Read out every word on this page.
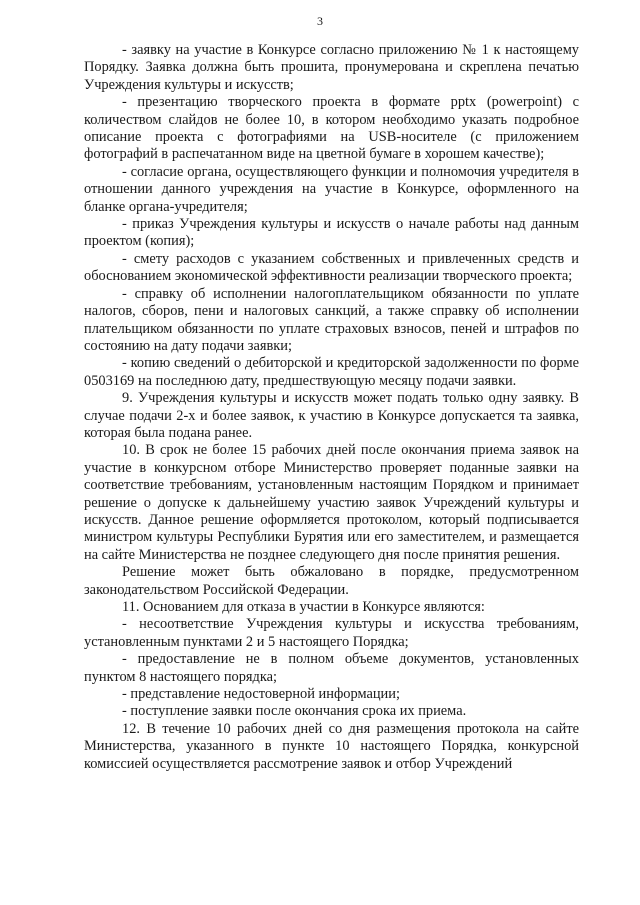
3

- заявку на участие в Конкурсе согласно приложению № 1 к настоящему Порядку. Заявка должна быть прошита, пронумерована и скреплена печатью Учреждения культуры и искусств;

- презентацию творческого проекта в формате pptx (powerpoint) с количеством слайдов не более 10, в котором необходимо указать подробное описание проекта с фотографиями на USB-носителе (с приложением фотографий в распечатанном виде на цветной бумаге в хорошем качестве);

- согласие органа, осуществляющего функции и полномочия учредителя в отношении данного учреждения на участие в Конкурсе, оформленного на бланке органа-учредителя;

- приказ Учреждения культуры и искусств о начале работы над данным проектом (копия);

- смету расходов с указанием собственных и привлеченных средств и обоснованием экономической эффективности реализации творческого проекта;

- справку об исполнении налогоплательщиком обязанности по уплате налогов, сборов, пени и налоговых санкций, а также справку об исполнении плательщиком обязанности по уплате страховых взносов, пеней и штрафов по состоянию на дату подачи заявки;

- копию сведений о дебиторской и кредиторской задолженности по форме 0503169 на последнюю дату, предшествующую месяцу подачи заявки.

9. Учреждения культуры и искусств может подать только одну заявку. В случае подачи 2-х и более заявок, к участию в Конкурсе допускается та заявка, которая была подана ранее.

10. В срок не более 15 рабочих дней после окончания приема заявок на участие в конкурсном отборе Министерство проверяет поданные заявки на соответствие требованиям, установленным настоящим Порядком и принимает решение о допуске к дальнейшему участию заявок Учреждений культуры и искусств. Данное решение оформляется протоколом, который подписывается министром культуры Республики Бурятия или его заместителем, и размещается на сайте Министерства не позднее следующего дня после принятия решения.

Решение может быть обжаловано в порядке, предусмотренном законодательством Российской Федерации.

11. Основанием для отказа в участии в Конкурсе являются:

- несоответствие Учреждения культуры и искусства требованиям, установленным пунктами 2 и 5 настоящего Порядка;

- предоставление не в полном объеме документов, установленных пунктом 8 настоящего порядка;

- представление недостоверной информации;

- поступление заявки после окончания срока их приема.

12. В течение 10 рабочих дней со дня размещения протокола на сайте Министерства, указанного в пункте 10 настоящего Порядка, конкурсной комиссией осуществляется рассмотрение заявок и отбор Учреждений
